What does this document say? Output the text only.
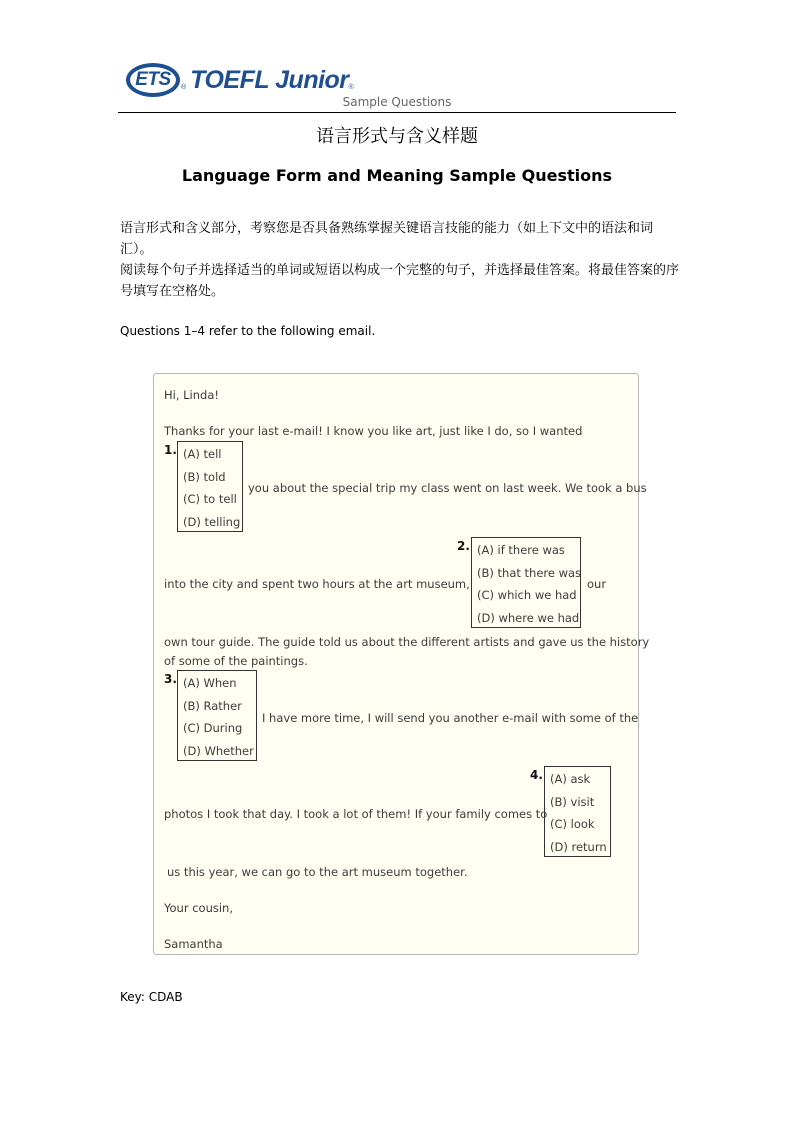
ETS	® TOEFL Junior ®
Sample Questions
语言形式与含义样题
Language Form and Meaning Sample Questions

语言形式和含义部分，考察您是否具备熟练掌握关键语言技能的能力（如上下文中的语法和词汇）。

阅读每个句子并选择适当的单词或短语以构成一个完整的句子，并选择最佳答案。将最佳答案的序号填写在空格处。

Questions 1–4 refer to the following email.
Hi, Linda!
Thanks for your last e-mail! I know you like art, just like I do, so I wanted
1. (A) tell
(B) told
(C) to tell
(D) telling
you about the special trip my class went on last week. We took a bus
2. (A) if there was
(B) that there was
(C) which we had
(D) where we had
into the city and spent two hours at the art museum,	our
own tour guide. The guide told us about the different artists and gave us the history
of some of the paintings.
3. (A) When
(B) Rather
(C) During
(D) Whether
I have more time, I will send you another e-mail with some of the
4. (A) ask
(B) visit
(C) look
(D) return
photos I took that day. I took a lot of them! If your family comes to
us this year, we can go to the art museum together.
Your cousin,
Samantha
Key: CDAB
